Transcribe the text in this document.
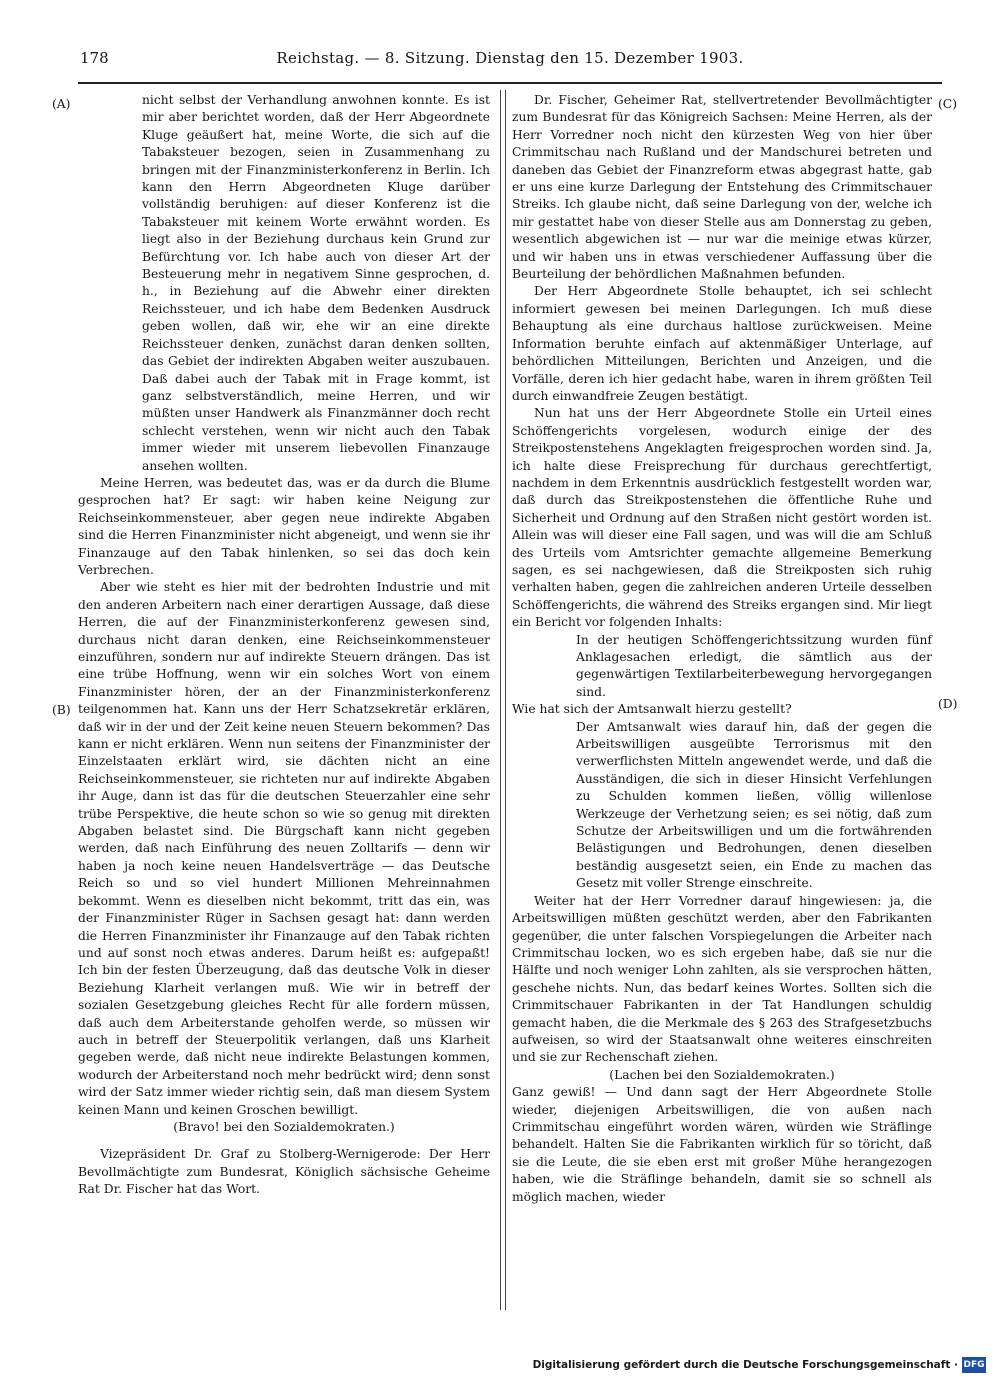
178	Reichstag. — 8. Sitzung. Dienstag den 15. Dezember 1903.
(A)
(B)
(C)
(D)

nicht selbst der Verhandlung anwohnen konnte. Es ist mir aber berichtet worden, daß der Herr Abgeordnete Kluge geäußert hat, meine Worte, die sich auf die Tabaksteuer bezogen, seien in Zusammenhang zu bringen mit der Finanzministerkonferenz in Berlin. Ich kann den Herrn Abgeordneten Kluge darüber vollständig beruhigen: auf dieser Konferenz ist die Tabaksteuer mit keinem Worte erwähnt worden. Es liegt also in der Beziehung durchaus kein Grund zur Befürchtung vor. Ich habe auch von dieser Art der Besteuerung mehr in negativem Sinne gesprochen, d. h., in Beziehung auf die Abwehr einer direkten Reichssteuer, und ich habe dem Bedenken Ausdruck geben wollen, daß wir, ehe wir an eine direkte Reichssteuer denken, zunächst daran denken sollten, das Gebiet der indirekten Abgaben weiter auszubauen. Daß dabei auch der Tabak mit in Frage kommt, ist ganz selbstverständlich, meine Herren, und wir müßten unser Handwerk als Finanzmänner doch recht schlecht verstehen, wenn wir nicht auch den Tabak immer wieder mit unserem liebevollen Finanzauge ansehen wollten.

Meine Herren, was bedeutet das, was er da durch die Blume gesprochen hat? Er sagt: wir haben keine Neigung zur Reichseinkommensteuer, aber gegen neue indirekte Abgaben sind die Herren Finanzminister nicht abgeneigt, und wenn sie ihr Finanzauge auf den Tabak hinlenken, so sei das doch kein Verbrechen.

Aber wie steht es hier mit der bedrohten Industrie und mit den anderen Arbeitern nach einer derartigen Aussage, daß diese Herren, die auf der Finanzministerkonferenz gewesen sind, durchaus nicht daran denken, eine Reichseinkommensteuer einzuführen, sondern nur auf indirekte Steuern drängen. Das ist eine trübe Hoffnung, wenn wir ein solches Wort von einem Finanzminister hören, der an der Finanzministerkonferenz teilgenommen hat. Kann uns der Herr Schatzsekretär erklären, daß wir in der und der Zeit keine neuen Steuern bekommen? Das kann er nicht erklären. Wenn nun seitens der Finanzminister der Einzelstaaten erklärt wird, sie dächten nicht an eine Reichseinkommensteuer, sie richteten nur auf indirekte Abgaben ihr Auge, dann ist das für die deutschen Steuerzahler eine sehr trübe Perspektive, die heute schon so wie so genug mit direkten Abgaben belastet sind. Die Bürgschaft kann nicht gegeben werden, daß nach Einführung des neuen Zolltarifs — denn wir haben ja noch keine neuen Handelsverträge — das Deutsche Reich so und so viel hundert Millionen Mehreinnahmen bekommt. Wenn es dieselben nicht bekommt, tritt das ein, was der Finanzminister Rüger in Sachsen gesagt hat: dann werden die Herren Finanzminister ihr Finanzauge auf den Tabak richten und auf sonst noch etwas anderes. Darum heißt es: aufgepaßt! Ich bin der festen Überzeugung, daß das deutsche Volk in dieser Beziehung Klarheit verlangen muß. Wie wir in betreff der sozialen Gesetzgebung gleiches Recht für alle fordern müssen, daß auch dem Arbeiterstande geholfen werde, so müssen wir auch in betreff der Steuerpolitik verlangen, daß uns Klarheit gegeben werde, daß nicht neue indirekte Belastungen kommen, wodurch der Arbeiterstand noch mehr bedrückt wird; denn sonst wird der Satz immer wieder richtig sein, daß man diesem System keinen Mann und keinen Groschen bewilligt.

(Bravo! bei den Sozialdemokraten.)

Vizepräsident Dr. Graf zu Stolberg-Wernigerode: Der Herr Bevollmächtigte zum Bundesrat, Königlich sächsische Geheime Rat Dr. Fischer hat das Wort.

Dr. Fischer, Geheimer Rat, stellvertretender Bevollmächtigter zum Bundesrat für das Königreich Sachsen: Meine Herren, als der Herr Vorredner noch nicht den kürzesten Weg von hier über Crimmitschau nach Rußland und der Mandschurei betreten und daneben das Gebiet der Finanzreform etwas abgegrast hatte, gab er uns eine kurze Darlegung der Entstehung des Crimmitschauer Streiks. Ich glaube nicht, daß seine Darlegung von der, welche ich mir gestattet habe von dieser Stelle aus am Donnerstag zu geben, wesentlich abgewichen ist — nur war die meinige etwas kürzer, und wir haben uns in etwas verschiedener Auffassung über die Beurteilung der behördlichen Maßnahmen befunden.

Der Herr Abgeordnete Stolle behauptet, ich sei schlecht informiert gewesen bei meinen Darlegungen. Ich muß diese Behauptung als eine durchaus haltlose zurückweisen. Meine Information beruhte einfach auf aktenmäßiger Unterlage, auf behördlichen Mitteilungen, Berichten und Anzeigen, und die Vorfälle, deren ich hier gedacht habe, waren in ihrem größten Teil durch einwandfreie Zeugen bestätigt.

Nun hat uns der Herr Abgeordnete Stolle ein Urteil eines Schöffengerichts vorgelesen, wodurch einige der des Streikpostenstehens Angeklagten freigesprochen worden sind. Ja, ich halte diese Freisprechung für durchaus gerechtfertigt, nachdem in dem Erkenntnis ausdrücklich festgestellt worden war, daß durch das Streikpostenstehen die öffentliche Ruhe und Sicherheit und Ordnung auf den Straßen nicht gestört worden ist. Allein was will dieser eine Fall sagen, und was will die am Schluß des Urteils vom Amtsrichter gemachte allgemeine Bemerkung sagen, es sei nachgewiesen, daß die Streikposten sich ruhig verhalten haben, gegen die zahlreichen anderen Urteile desselben Schöffengerichts, die während des Streiks ergangen sind. Mir liegt ein Bericht vor folgenden Inhalts:

In der heutigen Schöffengerichtssitzung wurden fünf Anklagesachen erledigt, die sämtlich aus der gegenwärtigen Textilarbeiterbewegung hervorgegangen sind.

Wie hat sich der Amtsanwalt hierzu gestellt?

Der Amtsanwalt wies darauf hin, daß der gegen die Arbeitswilligen ausgeübte Terrorismus mit den verwerflichsten Mitteln angewendet werde, und daß die Ausständigen, die sich in dieser Hinsicht Verfehlungen zu Schulden kommen ließen, völlig willenlose Werkzeuge der Verhetzung seien; es sei nötig, daß zum Schutze der Arbeitswilligen und um die fortwährenden Belästigungen und Bedrohungen, denen dieselben beständig ausgesetzt seien, ein Ende zu machen das Gesetz mit voller Strenge einschreite.

Weiter hat der Herr Vorredner darauf hingewiesen: ja, die Arbeitswilligen müßten geschützt werden, aber den Fabrikanten gegenüber, die unter falschen Vorspiegelungen die Arbeiter nach Crimmitschau locken, wo es sich ergeben habe, daß sie nur die Hälfte und noch weniger Lohn zahlten, als sie versprochen hätten, geschehe nichts. Nun, das bedarf keines Wortes. Sollten sich die Crimmitschauer Fabrikanten in der Tat Handlungen schuldig gemacht haben, die die Merkmale des § 263 des Strafgesetzbuchs aufweisen, so wird der Staatsanwalt ohne weiteres einschreiten und sie zur Rechenschaft ziehen.

(Lachen bei den Sozialdemokraten.)

Ganz gewiß! — Und dann sagt der Herr Abgeordnete Stolle wieder, diejenigen Arbeitswilligen, die von außen nach Crimmitschau eingeführt worden wären, würden wie Sträflinge behandelt. Halten Sie die Fabrikanten wirklich für so töricht, daß sie die Leute, die sie eben erst mit großer Mühe herangezogen haben, wie die Sträflinge behandeln, damit sie so schnell als möglich machen, wieder

Digitalisierung gefördert durch die Deutsche Forschungsgemeinschaft · DFG
